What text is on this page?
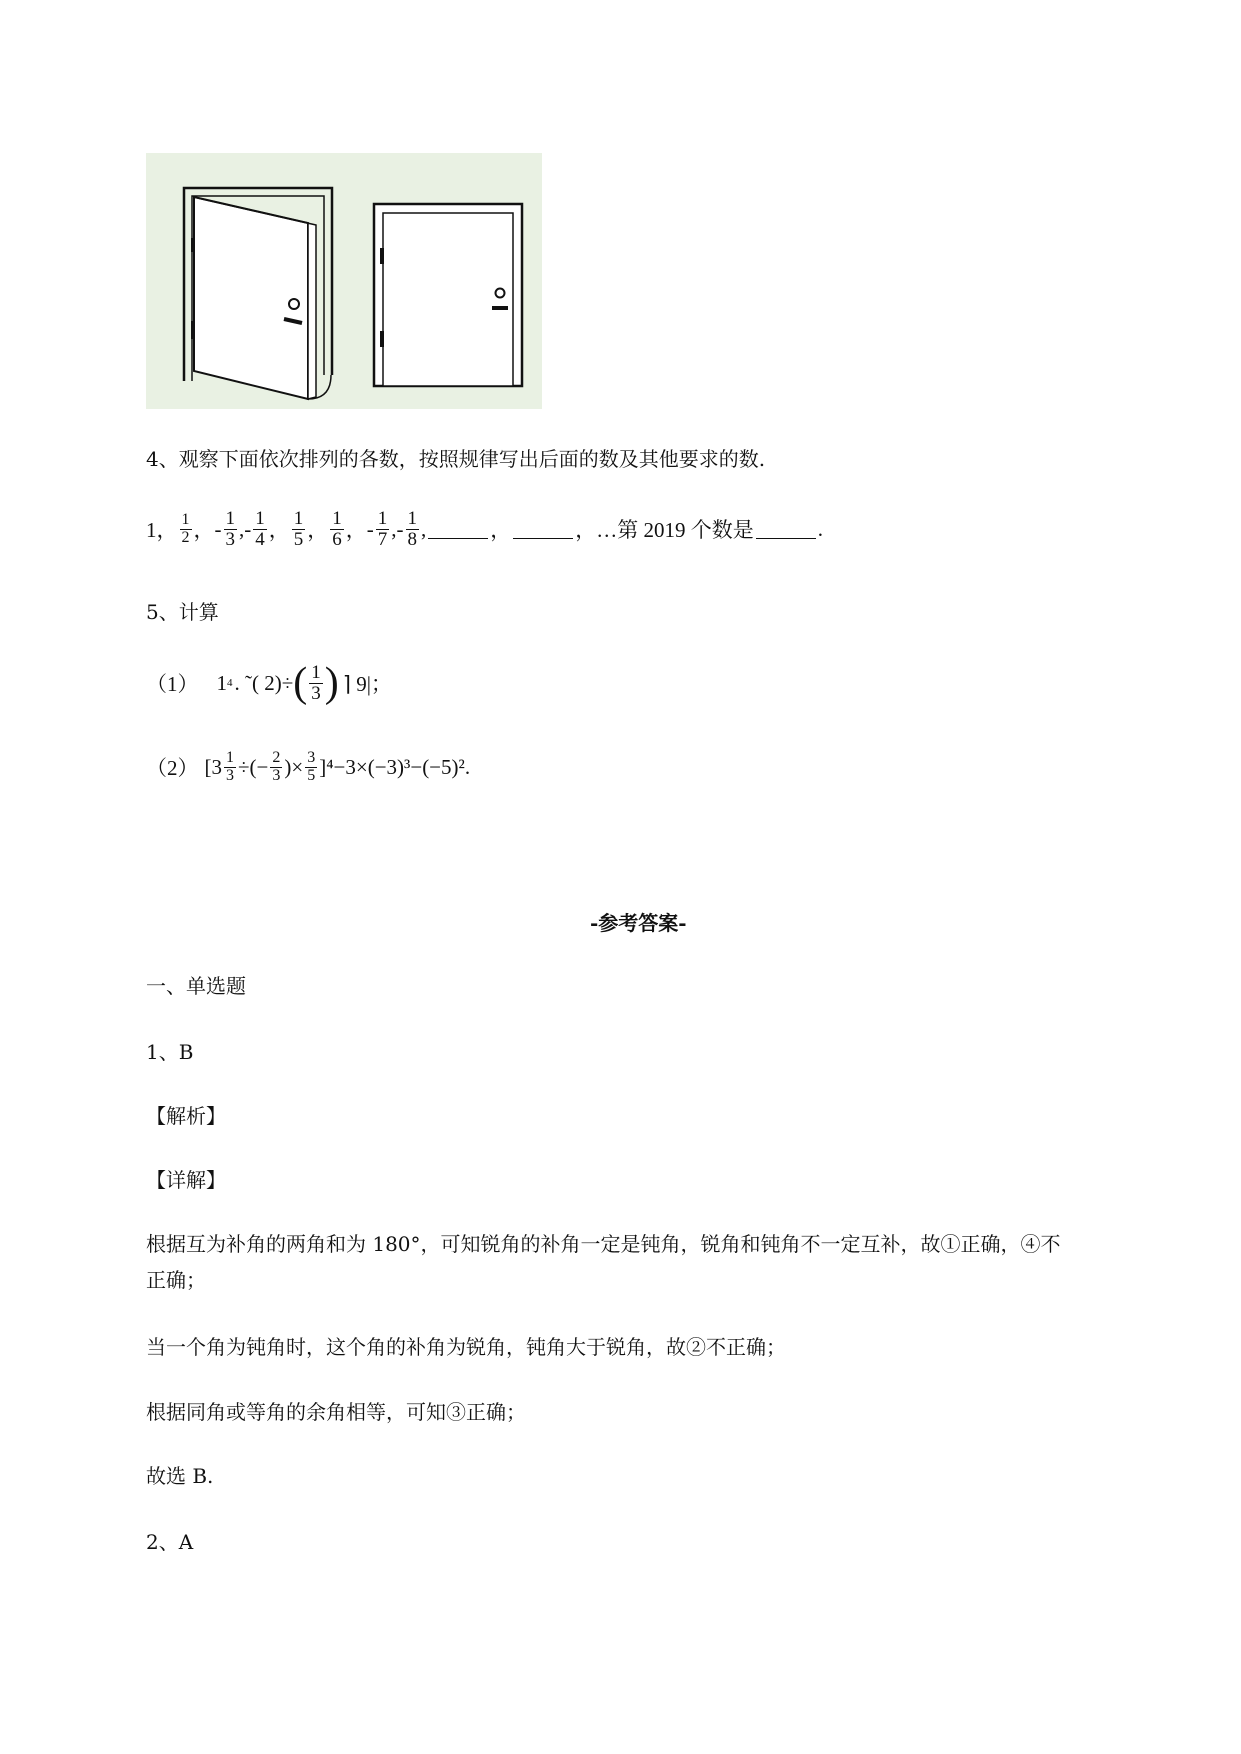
4、观察下面依次排列的各数，按照规律写出后面的数及其他要求的数.
1， $\frac{1}{2}$ ， - $\frac{1}{3}$ , - $\frac{1}{4}$ ， $\frac{1}{5}$ ， $\frac{1}{6}$ ， - $\frac{1}{7}$ , - $\frac{1}{8}$ ,	，	， …第 2019 个数是	.
5、计算
（1） 1 4 . ˜( 2)÷ ( $\frac{1}{3}$ ) ⌉ 9|；
（2） [$3 \frac{1}{3}$ ÷(− $\frac{2}{3}$ )× $\frac{3}{5} ]^4-3\times(-3)^3-(-5)^2$.
-参考答案-
一、单选题
1、B
【解析】
【详解】
根据互为补角的两角和为 180°，可知锐角的补角一定是钝角，锐角和钝角不一定互补，故①正确，④不
正确；
当一个角为钝角时，这个角的补角为锐角，钝角大于锐角，故②不正确；
根据同角或等角的余角相等，可知③正确；
故选 B.
2、A
